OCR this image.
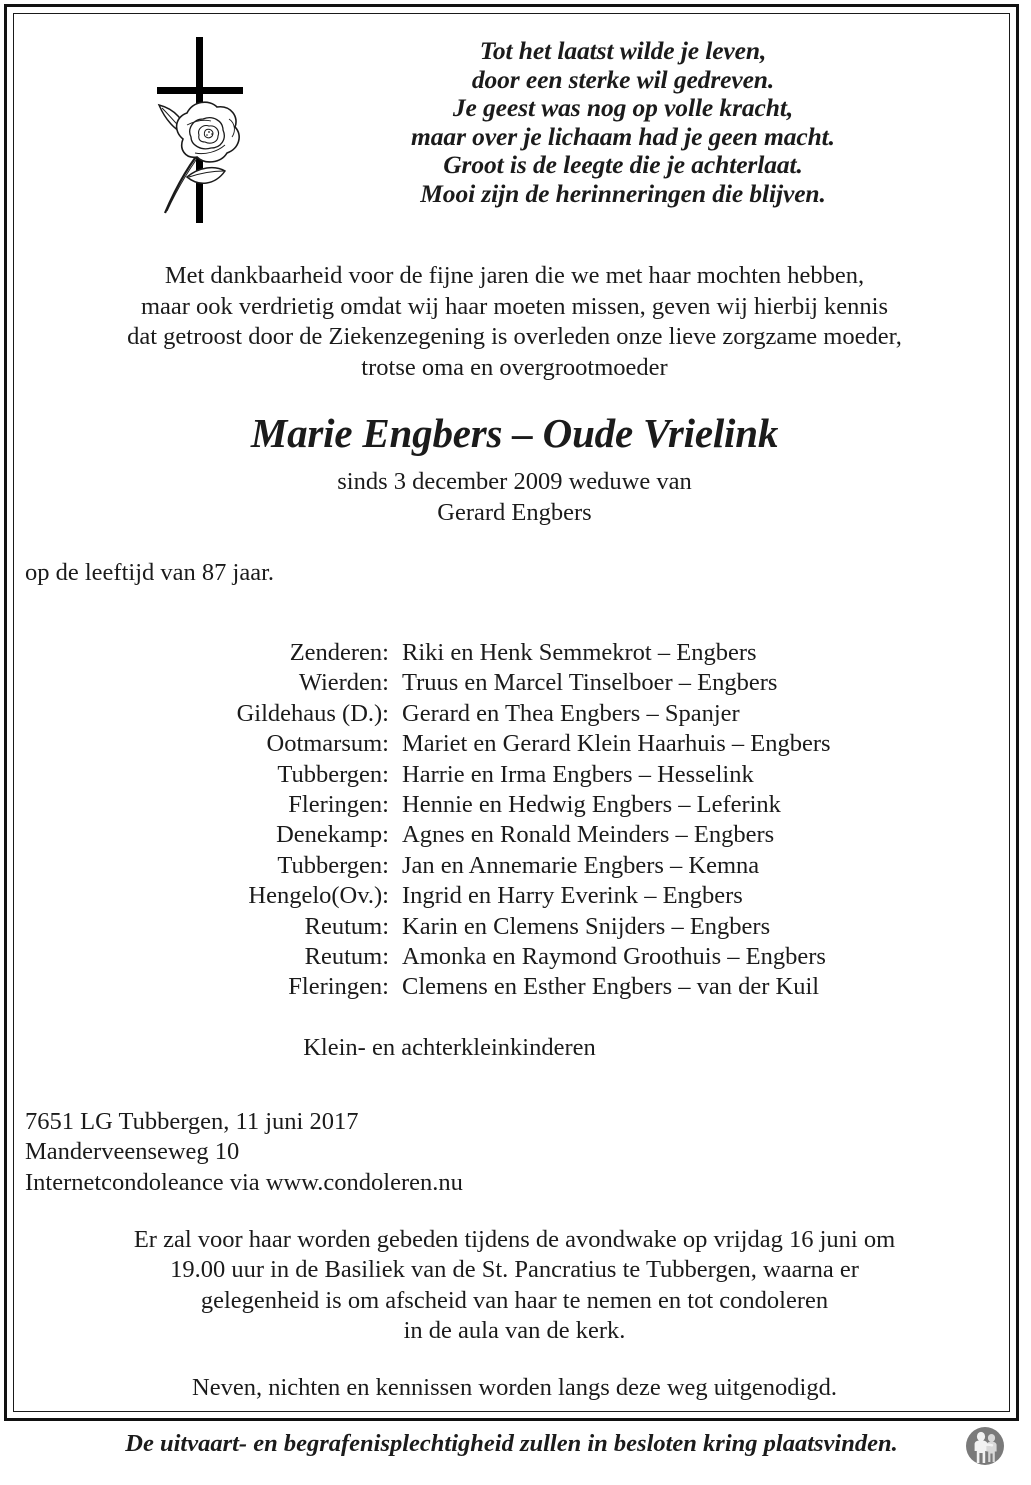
Tot het laatst wilde je leven,
door een sterke wil gedreven.
Je geest was nog op volle kracht,
maar over je lichaam had je geen macht.
Groot is de leegte die je achterlaat.
Mooi zijn de herinneringen die blijven.
Met dankbaarheid voor de fijne jaren die we met haar mochten hebben,
maar ook verdrietig omdat wij haar moeten missen, geven wij hierbij kennis
dat getroost door de Ziekenzegening is overleden onze lieve zorgzame moeder,
trotse oma en overgrootmoeder
Marie Engbers – Oude Vrielink
sinds 3 december 2009 weduwe van
Gerard Engbers
op de leeftijd van 87 jaar.
Zenderen:	Riki en Henk Semmekrot – Engbers
Wierden:	Truus en Marcel Tinselboer – Engbers
Gildehaus (D.):	Gerard en Thea Engbers – Spanjer
Ootmarsum:	Mariet en Gerard Klein Haarhuis – Engbers
Tubbergen:	Harrie en Irma Engbers – Hesselink
Fleringen:	Hennie en Hedwig Engbers – Leferink
Denekamp:	Agnes en Ronald Meinders – Engbers
Tubbergen:	Jan en Annemarie Engbers – Kemna
Hengelo(Ov.):	Ingrid en Harry Everink – Engbers
Reutum:	Karin en Clemens Snijders – Engbers
Reutum:	Amonka en Raymond Groothuis – Engbers
Fleringen:	Clemens en Esther Engbers – van der Kuil
Klein- en achterkleinkinderen
7651 LG Tubbergen, 11 juni 2017
Manderveenseweg 10
Internetcondoleance via www.condoleren.nu
Er zal voor haar worden gebeden tijdens de avondwake op vrijdag 16 juni om
19.00 uur in de Basiliek van de St. Pancratius te Tubbergen, waarna er
gelegenheid is om afscheid van haar te nemen en tot condoleren
in de aula van de kerk.
Neven, nichten en kennissen worden langs deze weg uitgenodigd.
De uitvaart- en begrafenisplechtigheid zullen in besloten kring plaatsvinden.
